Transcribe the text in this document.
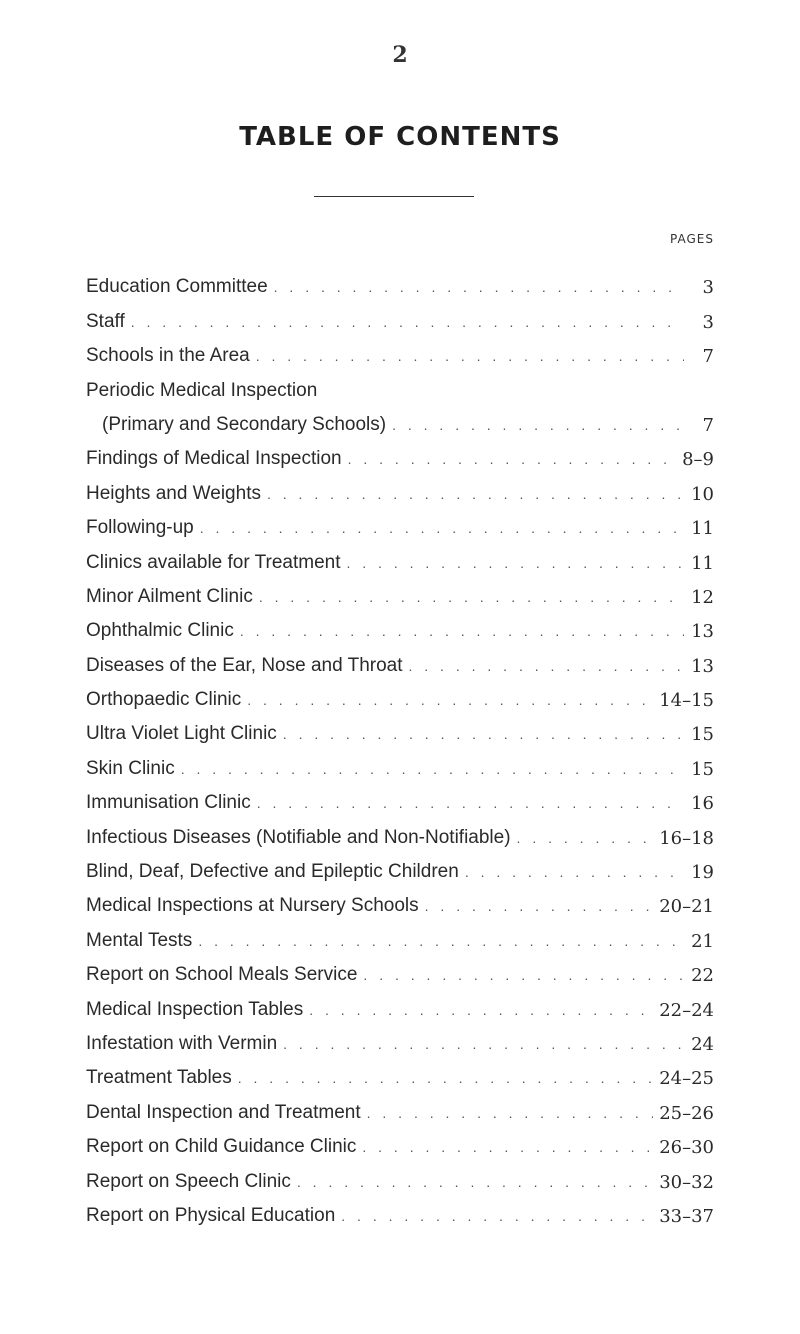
2
TABLE OF CONTENTS
PAGES
Education Committee . . .	3
Staff . . .	3
Schools in the Area . . .	7
Periodic Medical Inspection
(Primary and Secondary Schools) . . .	7
Findings of Medical Inspection . . .	8–9
Heights and Weights . . .	10
Following-up . . .	11
Clinics available for Treatment . . .	11
Minor Ailment Clinic . . .	12
Ophthalmic Clinic . . .	13
Diseases of the Ear, Nose and Throat . . .	13
Orthopaedic Clinic . . .	14–15
Ultra Violet Light Clinic . . .	15
Skin Clinic . . .	15
Immunisation Clinic . . .	16
Infectious Diseases (Notifiable and Non-Notifiable) . . .	16–18
Blind, Deaf, Defective and Epileptic Children . . .	19
Medical Inspections at Nursery Schools . . .	20–21
Mental Tests . . .	21
Report on School Meals Service . . .	22
Medical Inspection Tables . . .	22–24
Infestation with Vermin . . .	24
Treatment Tables . . .	24–25
Dental Inspection and Treatment . . .	25–26
Report on Child Guidance Clinic . . .	26–30
Report on Speech Clinic . . .	30–32
Report on Physical Education . . .	33–37
